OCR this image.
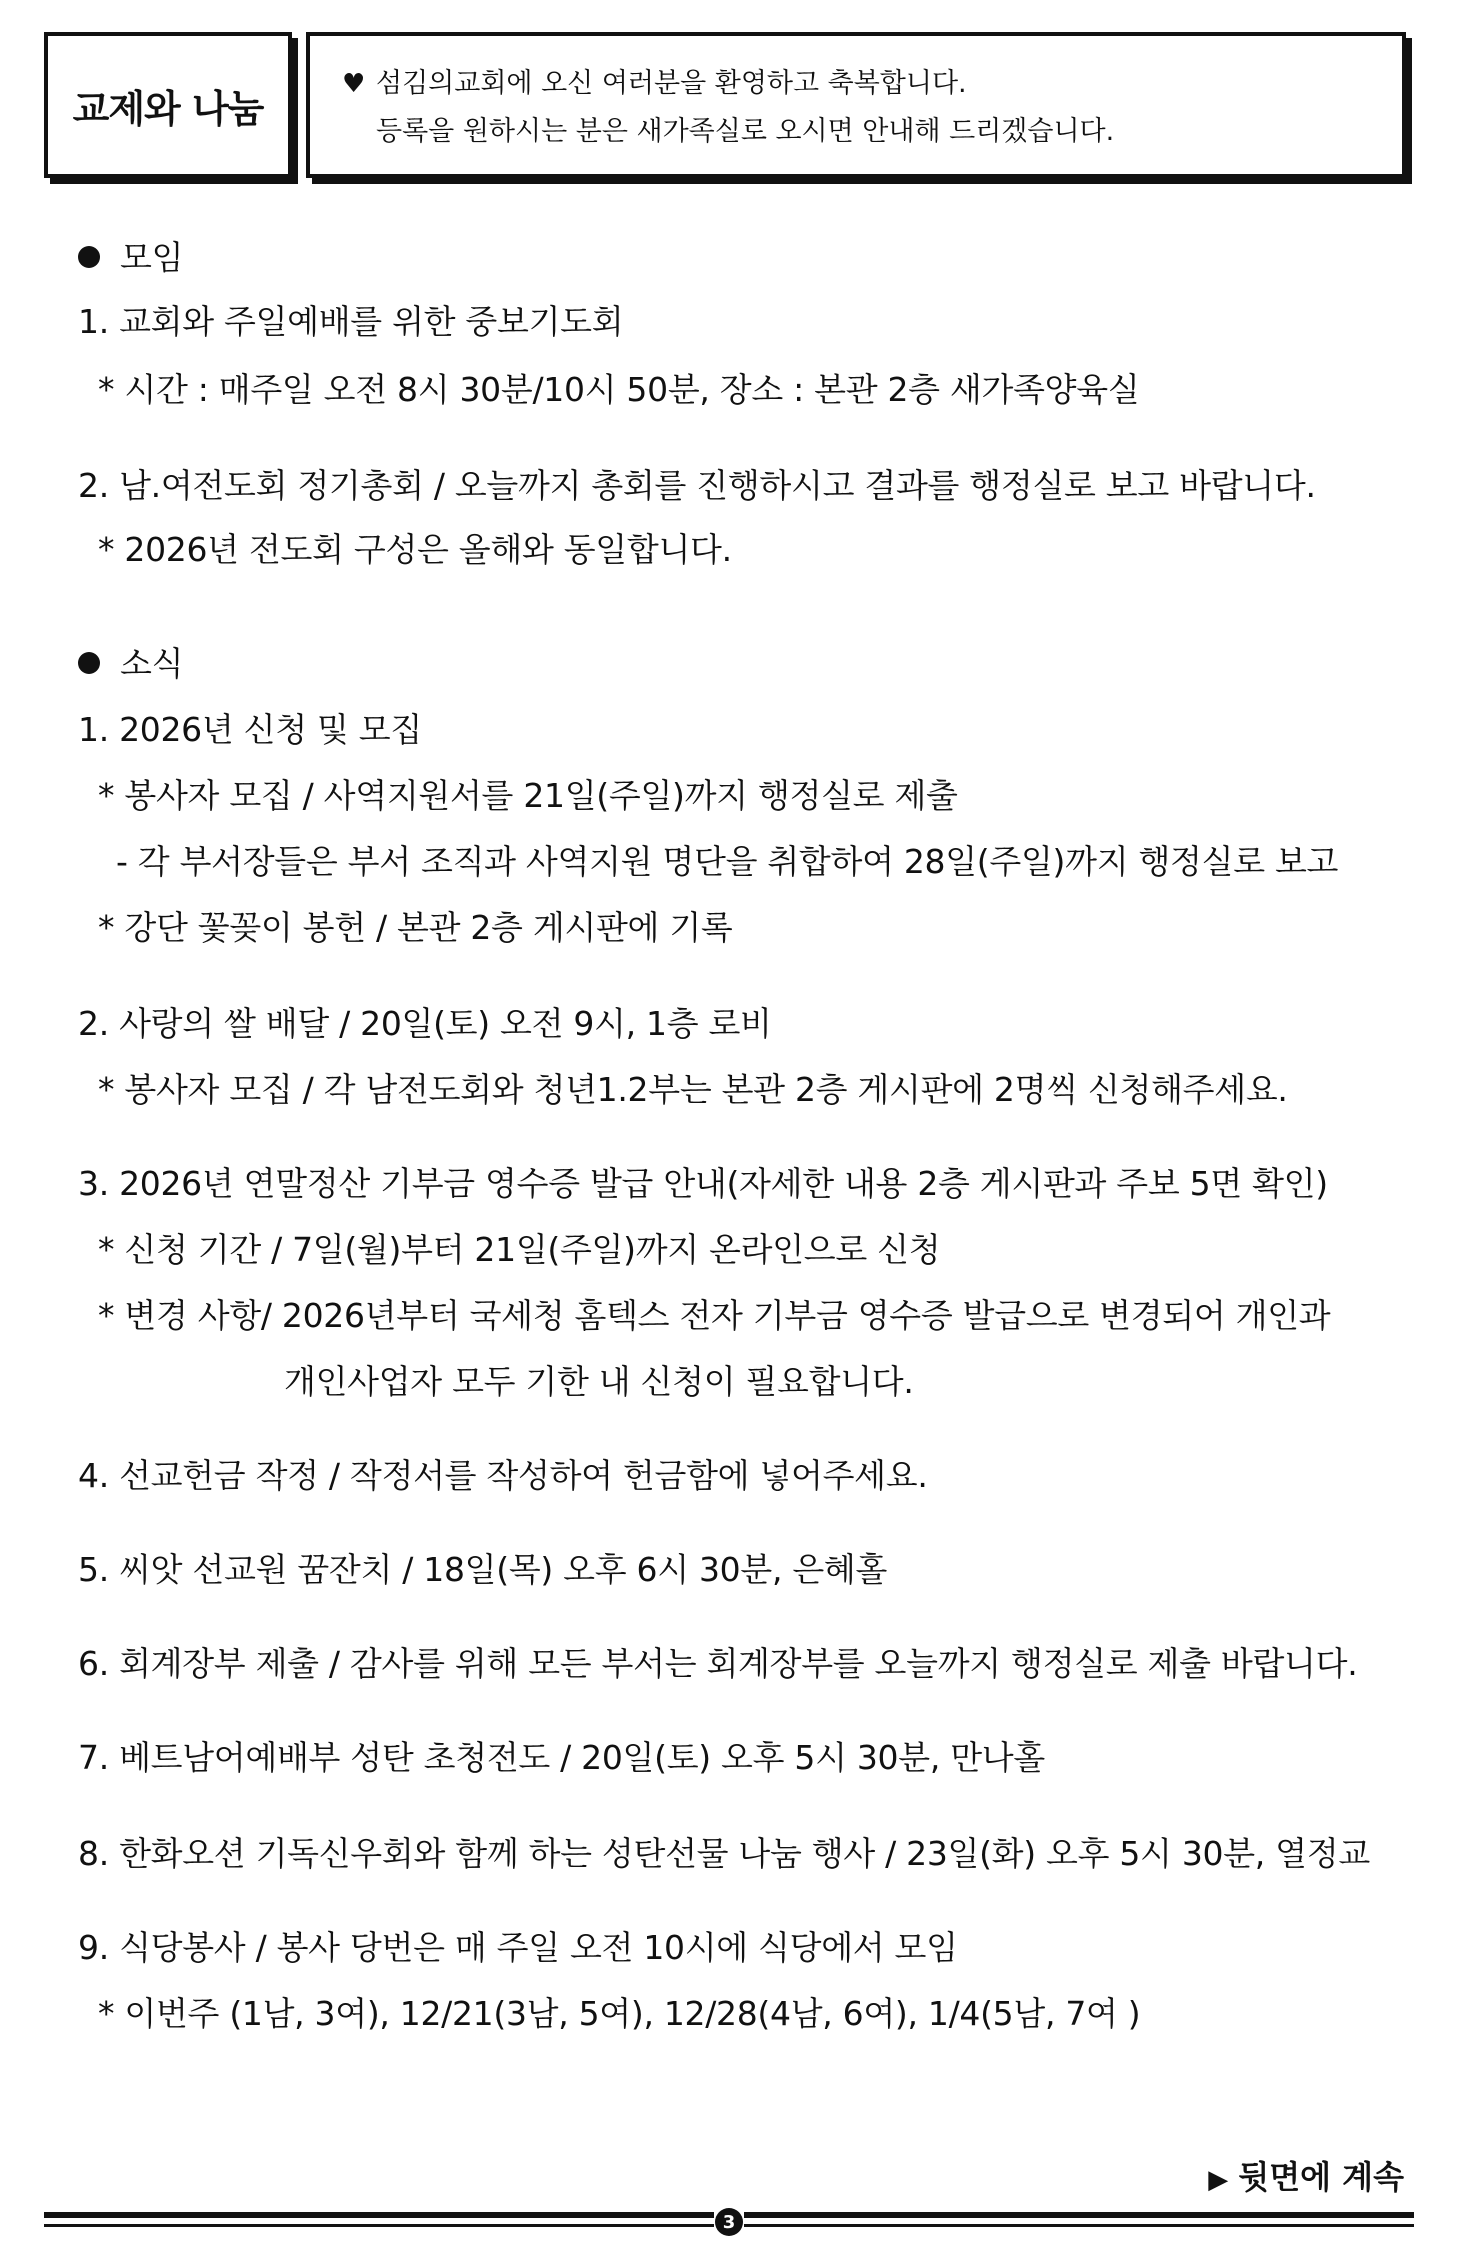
교제와 나눔
♥ 섬김의교회에 오신 여러분을 환영하고 축복합니다.
등록을 원하시는 분은 새가족실로 오시면 안내해 드리겠습니다.
모임
1. 교회와 주일예배를 위한 중보기도회
* 시간 : 매주일 오전 8시 30분/10시 50분, 장소 : 본관 2층 새가족양육실
2. 남.여전도회 정기총회 / 오늘까지 총회를 진행하시고 결과를 행정실로 보고 바랍니다.
* 2026년 전도회 구성은 올해와 동일합니다.
소식
1. 2026년 신청 및 모집
* 봉사자 모집 / 사역지원서를 21일(주일)까지 행정실로 제출
- 각 부서장들은 부서 조직과 사역지원 명단을 취합하여 28일(주일)까지 행정실로 보고
* 강단 꽃꽂이 봉헌 / 본관 2층 게시판에 기록
2. 사랑의 쌀 배달 / 20일(토) 오전 9시, 1층 로비
* 봉사자 모집 / 각 남전도회와 청년1.2부는 본관 2층 게시판에 2명씩 신청해주세요.
3. 2026년 연말정산 기부금 영수증 발급 안내(자세한 내용 2층 게시판과 주보 5면 확인)
* 신청 기간 / 7일(월)부터 21일(주일)까지 온라인으로 신청
* 변경 사항/ 2026년부터 국세청 홈텍스 전자 기부금 영수증 발급으로 변경되어 개인과
개인사업자 모두 기한 내 신청이 필요합니다.
4. 선교헌금 작정 / 작정서를 작성하여 헌금함에 넣어주세요.
5. 씨앗 선교원 꿈잔치 / 18일(목) 오후 6시 30분, 은혜홀
6. 회계장부 제출 / 감사를 위해 모든 부서는 회계장부를 오늘까지 행정실로 제출 바랍니다.
7. 베트남어예배부 성탄 초청전도 / 20일(토) 오후 5시 30분, 만나홀
8. 한화오션 기독신우회와 함께 하는 성탄선물 나눔 행사 / 23일(화) 오후 5시 30분, 열정교
9. 식당봉사 / 봉사 당번은 매 주일 오전 10시에 식당에서 모임
* 이번주 (1남, 3여), 12/21(3남, 5여), 12/28(4남, 6여), 1/4(5남, 7여 )
▶ 뒷면에 계속
3
